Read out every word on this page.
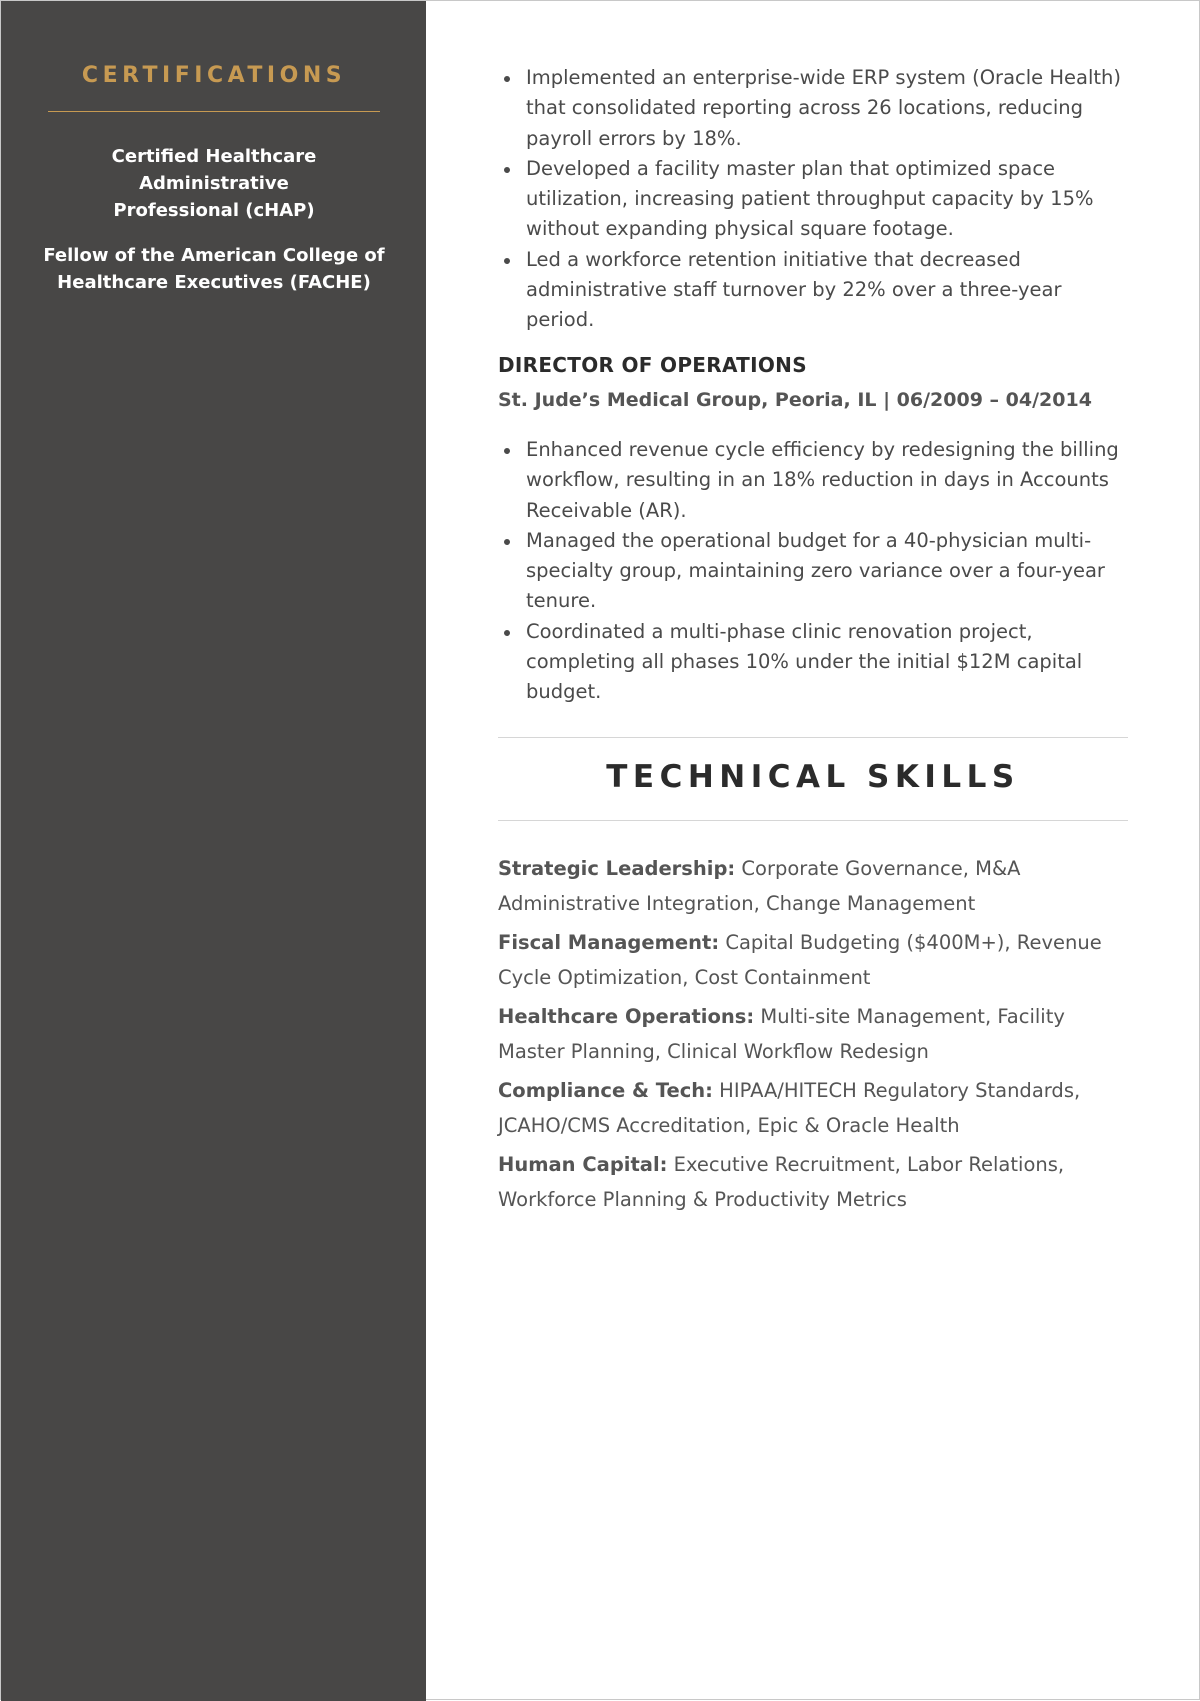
CERTIFICATIONS

Certified Healthcare Administrative
Professional (cHAP)

Fellow of the American College of
Healthcare Executives (FACHE)

Implemented an enterprise-wide ERP system (Oracle Health) that consolidated reporting across 26 locations, reducing payroll errors by 18%.
Developed a facility master plan that optimized space utilization, increasing patient throughput capacity by 15% without expanding physical square footage.
Led a workforce retention initiative that decreased administrative staff turnover by 22% over a three-year period.
DIRECTOR OF OPERATIONS

St. Jude’s Medical Group, Peoria, IL | 06/2009 – 04/2014

Enhanced revenue cycle efficiency by redesigning the billing workflow, resulting in an 18% reduction in days in Accounts Receivable (AR).
Managed the operational budget for a 40-physician multi-specialty group, maintaining zero variance over a four-year tenure.
Coordinated a multi-phase clinic renovation project, completing all phases 10% under the initial $12M capital budget.
TECHNICAL SKILLS

Strategic Leadership: Corporate Governance, M&A Administrative Integration, Change Management

Fiscal Management: Capital Budgeting ($400M+), Revenue Cycle Optimization, Cost Containment

Healthcare Operations: Multi-site Management, Facility Master Planning, Clinical Workflow Redesign

Compliance & Tech: HIPAA/HITECH Regulatory Standards, JCAHO/CMS Accreditation, Epic & Oracle Health

Human Capital: Executive Recruitment, Labor Relations, Workforce Planning & Productivity Metrics
